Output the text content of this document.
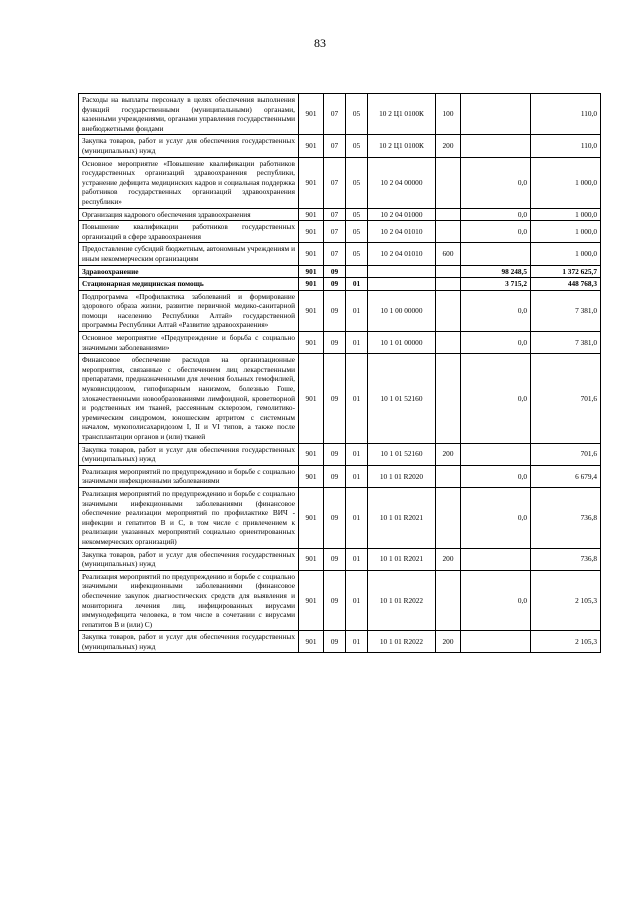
83
Расходы на выплаты персоналу в целях обеспечения выполнения функций государственными (муниципальными) органами, казенными учреждениями, органами управления государственными внебюджетными фондами	901	07	05	10 2 Ц1 0100К	100		110,0
Закупка товаров, работ и услуг для обеспечения государственных (муниципальных) нужд	901	07	05	10 2 Ц1 0100К	200		110,0
Основное мероприятие «Повышение квалификации работников государственных организаций здравоохранения республики, устранение дефицита медицинских кадров и социальная поддержка работников государственных организаций здравоохранения республики»	901	07	05	10 2 04 00000		0,0	1 000,0
Организация кадрового обеспечения здравоохранения	901	07	05	10 2 04 01000		0,0	1 000,0
Повышение квалификации работников государственных организаций в сфере здравоохранения	901	07	05	10 2 04 01010		0,0	1 000,0
Предоставление субсидий бюджетным, автономным учреждениям и иным некоммерческим организациям	901	07	05	10 2 04 01010	600		1 000,0
Здравоохранение	901	09				98 248,5	1 372 625,7
Стационарная медицинская помощь	901	09	01			3 715,2	448 768,3
Подпрограмма «Профилактика заболеваний и формирование здорового образа жизни, развитие первичной медико-санитарной помощи населению Республики Алтай» государственной программы Республики Алтай «Развитие здравоохранения»	901	09	01	10 1 00 00000		0,0	7 381,0
Основное мероприятие «Предупреждение и борьба с социально значимыми заболеваниями»	901	09	01	10 1 01 00000		0,0	7 381,0
Финансовое обеспечение расходов на организационные мероприятия, связанные с обеспечением лиц лекарственными препаратами, предназначенными для лечения больных гемофилией, муковисцидозом, гипофизарным нанизмом, болезнью Гоше, злокачественными новообразованиями лимфоидной, кроветворной и родственных им тканей, рассеянным склерозом, гемолитико-уремическим синдромом, юношеским артритом с системным началом, мукополисахаридозом I, II и VI типов, а также после трансплантации органов и (или) тканей	901	09	01	10 1 01 52160		0,0	701,6
Закупка товаров, работ и услуг для обеспечения государственных (муниципальных) нужд	901	09	01	10 1 01 52160	200		701,6
Реализация мероприятий по предупреждению и борьбе с социально значимыми инфекционными заболеваниями	901	09	01	10 1 01 R2020		0,0	6 679,4
Реализация мероприятий по предупреждению и борьбе с социально значимыми инфекционными заболеваниями (финансовое обеспечение реализации мероприятий по профилактике ВИЧ - инфекции и гепатитов В и С, в том числе с привлечением к реализации указанных мероприятий социально ориентированных некоммерческих организаций)	901	09	01	10 1 01 R2021		0,0	736,8
Закупка товаров, работ и услуг для обеспечения государственных (муниципальных) нужд	901	09	01	10 1 01 R2021	200		736,8
Реализация мероприятий по предупреждению и борьбе с социально значимыми инфекционными заболеваниями (финансовое обеспечение закупок диагностических средств для выявления и мониторинга лечения лиц, инфицированных вирусами иммунодефицита человека, в том числе в сочетании с вирусами гепатитов В и (или) С)	901	09	01	10 1 01 R2022		0,0	2 105,3
Закупка товаров, работ и услуг для обеспечения государственных (муниципальных) нужд	901	09	01	10 1 01 R2022	200		2 105,3
